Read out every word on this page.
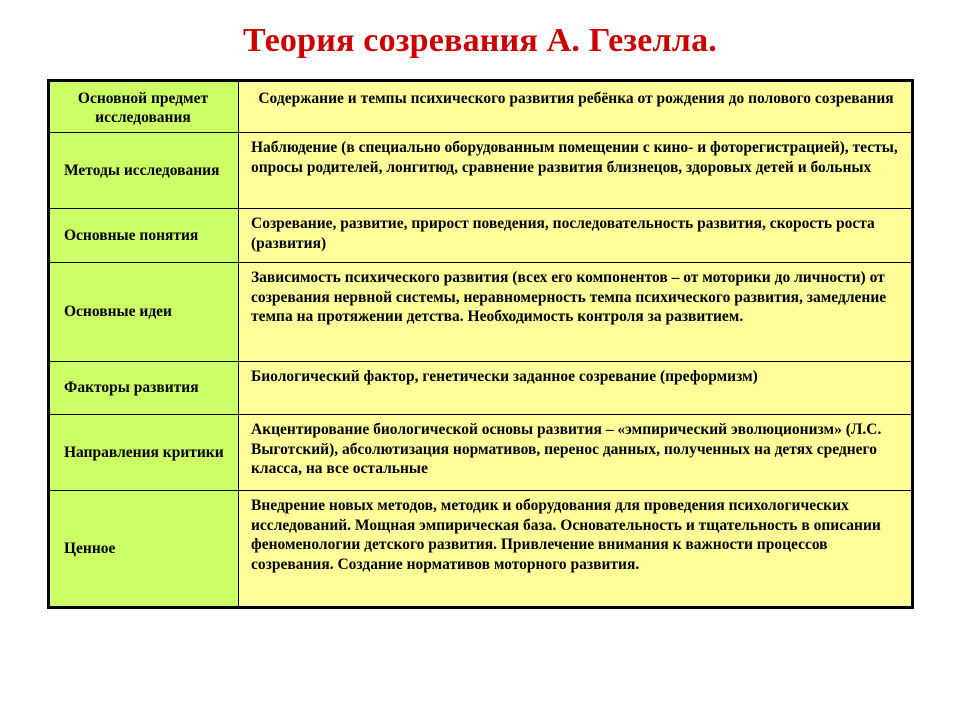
Теория созревания А. Гезелла.
Основной предмет исследования	Содержание и темпы психического развития ребёнка от рождения до полового созревания
Методы исследования	Наблюдение (в специально оборудованным помещении с кино- и фоторегистрацией), тесты, опросы родителей, лонгитюд, сравнение развития близнецов, здоровых детей и больных
Основные понятия	Созревание, развитие, прирост поведения, последовательность развития, скорость роста (развития)
Основные идеи	Зависимость психического развития (всех его компонентов – от моторики до личности) от созревания нервной системы, неравномерность темпа психического развития, замедление темпа на протяжении детства. Необходимость контроля за развитием.
Факторы развития	Биологический фактор, генетически заданное созревание (преформизм)
Направления критики	Акцентирование биологической основы развития – «эмпирический эволюционизм» (Л.С. Выготский), абсолютизация нормативов, перенос данных, полученных на детях среднего класса, на все остальные
Ценное	Внедрение новых методов, методик и оборудования для проведения психологических исследований. Мощная эмпирическая база. Основательность и тщательность в описании феноменологии детского развития. Привлечение внимания к важности процессов созревания. Создание нормативов моторного развития.
